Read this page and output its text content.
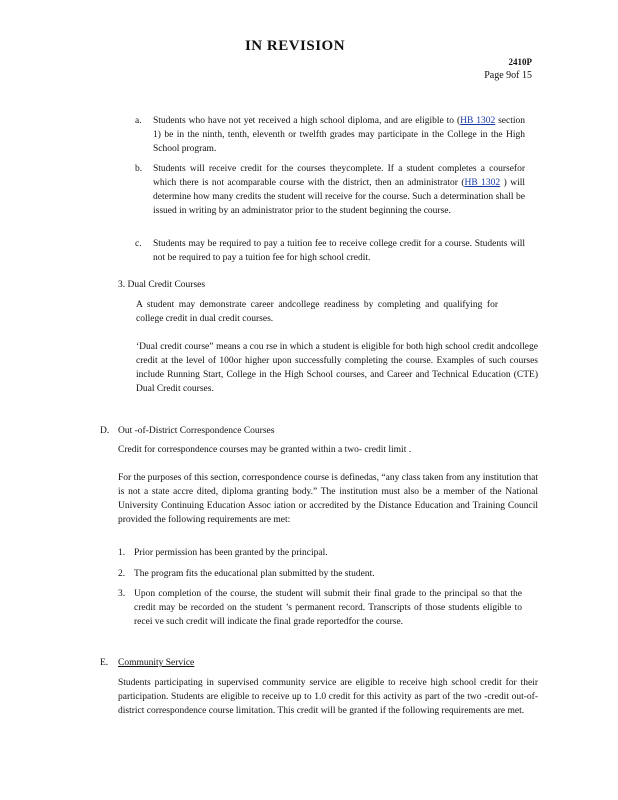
IN REVISION
2410P
Page 9of 15
a. Students who have not yet received a high school diploma, and are eligible to (HB 1302 section 1) be in the ninth, tenth, eleventh or twelfth grades may participate in the College in the High School program.

b. Students will receive credit for the courses theycomplete. If a student completes a coursefor which there is not acomparable course with the district, then an administrator (HB 1302 ) will determine how many credits the student will receive for the course. Such a determination shall be issued in writing by an administrator prior to the student beginning the course.

c. Students may be required to pay a tuition fee to receive college credit for a course. Students will not be required to pay a tuition fee for high school credit.

3. Dual Credit Courses

A student may demonstrate career andcollege readiness by completing and qualifying for college credit in dual credit courses.

‘Dual credit course” means a cou rse in which a student is eligible for both high school credit andcollege credit at the level of 100or higher upon successfully completing the course. Examples of such courses include Running Start, College in the High School courses, and Career and Technical Education (CTE) Dual Credit courses.

D. Out -of-District Correspondence Courses

Credit for correspondence courses may be granted within a two- credit limit .

For the purposes of this section, correspondence course is definedas, “any class taken from any institution that is not a state accre dited, diploma granting body.” The institution must also be a member of the National University Continuing Education Assoc iation or accredited by the Distance Education and Training Council provided the following requirements are met:

1. Prior permission has been granted by the principal.

2. The program fits the educational plan submitted by the student.

3. Upon completion of the course, the student will submit their final grade to the principal so that the credit may be recorded on the student ’s permanent record. Transcripts of those students eligible to recei ve such credit will indicate the final grade reportedfor the course.

E. Community Service

Students participating in supervised community service are eligible to receive high school credit for their participation. Students are eligible to receive up to 1.0 credit for this activity as part of the two -credit out-of-district correspondence course limitation. This credit will be granted if the following requirements are met.
